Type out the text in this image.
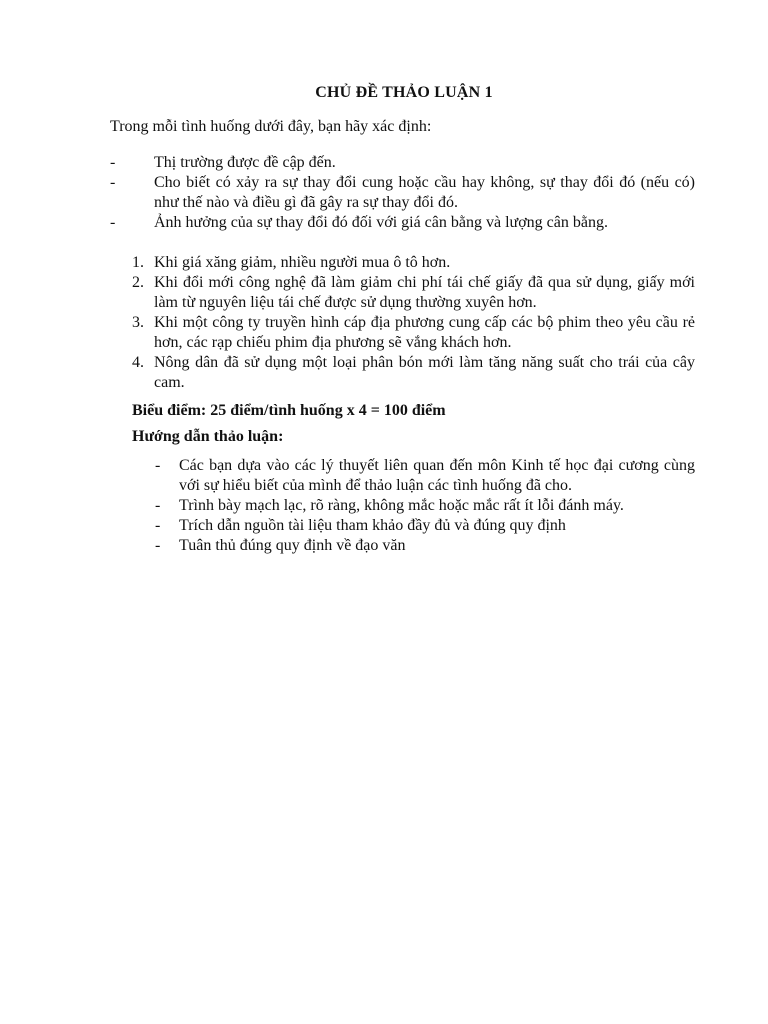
CHỦ ĐỀ THẢO LUẬN 1
Trong mỗi tình huống dưới đây, bạn hãy xác định:
- Thị trường được đề cập đến.
- Cho biết có xảy ra sự thay đổi cung hoặc cầu hay không, sự thay đổi đó (nếu có) như thế nào và điều gì đã gây ra sự thay đổi đó.
- Ảnh hưởng của sự thay đổi đó đối với giá cân bằng và lượng cân bằng.
1. Khi giá xăng giảm, nhiều người mua ô tô hơn.
2. Khi đổi mới công nghệ đã làm giảm chi phí tái chế giấy đã qua sử dụng, giấy mới làm từ nguyên liệu tái chế được sử dụng thường xuyên hơn.
3. Khi một công ty truyền hình cáp địa phương cung cấp các bộ phim theo yêu cầu rẻ hơn, các rạp chiếu phim địa phương sẽ vắng khách hơn.
4. Nông dân đã sử dụng một loại phân bón mới làm tăng năng suất cho trái của cây cam.
Biểu điểm: 25 điểm/tình huống x 4 = 100 điểm
Hướng dẫn thảo luận:
- Các bạn dựa vào các lý thuyết liên quan đến môn Kinh tế học đại cương cùng với sự hiểu biết của mình để thảo luận các tình huống đã cho.
- Trình bày mạch lạc, rõ ràng, không mắc hoặc mắc rất ít lỗi đánh máy.
- Trích dẫn nguồn tài liệu tham khảo đầy đủ và đúng quy định
- Tuân thủ đúng quy định về đạo văn
